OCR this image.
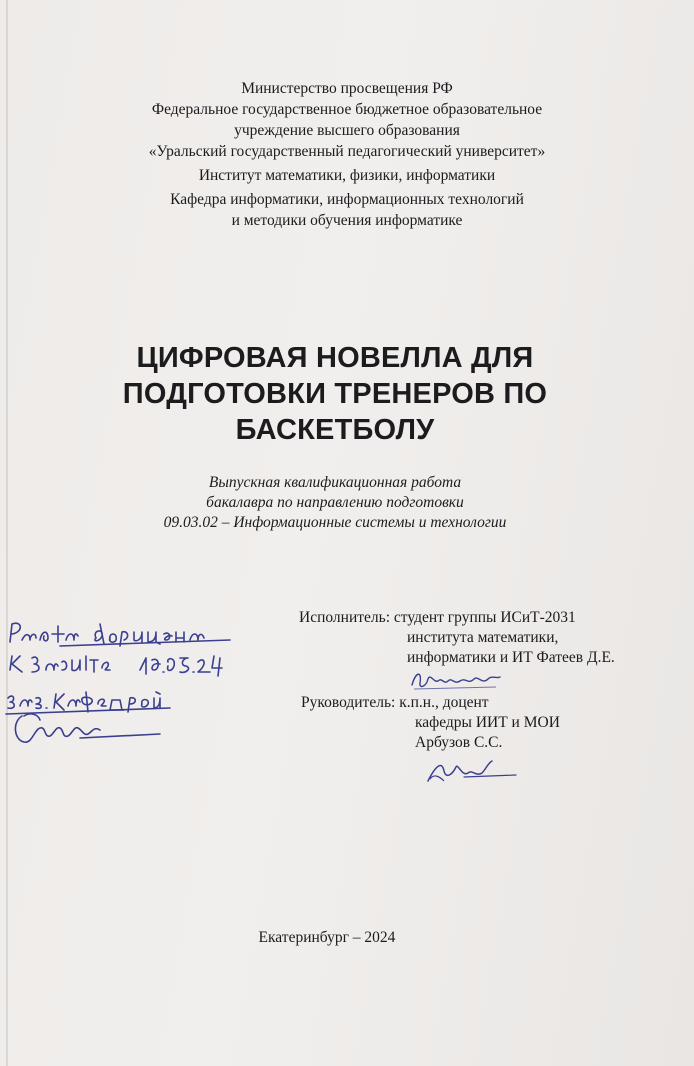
Министерство просвещения РФ
Федеральное государственное бюджетное образовательное
учреждение высшего образования
«Уральский государственный педагогический университет»
Институт математики, физики, информатики
Кафедра информатики, информационных технологий
и методики обучения информатике
ЦИФРОВАЯ НОВЕЛЛА ДЛЯ
ПОДГОТОВКИ ТРЕНЕРОВ ПО
БАСКЕТБОЛУ
Выпускная квалификационная работа
бакалавра по направлению подготовки
09.03.02 – Информационные системы и технологии
Исполнитель: студент группы ИСиТ-2031
института математики,
информатики и ИТ Фатеев Д.Е.
Руководитель: к.п.н., доцент
кафедры ИИТ и МОИ
Арбузов С.С.
Екатеринбург – 2024
